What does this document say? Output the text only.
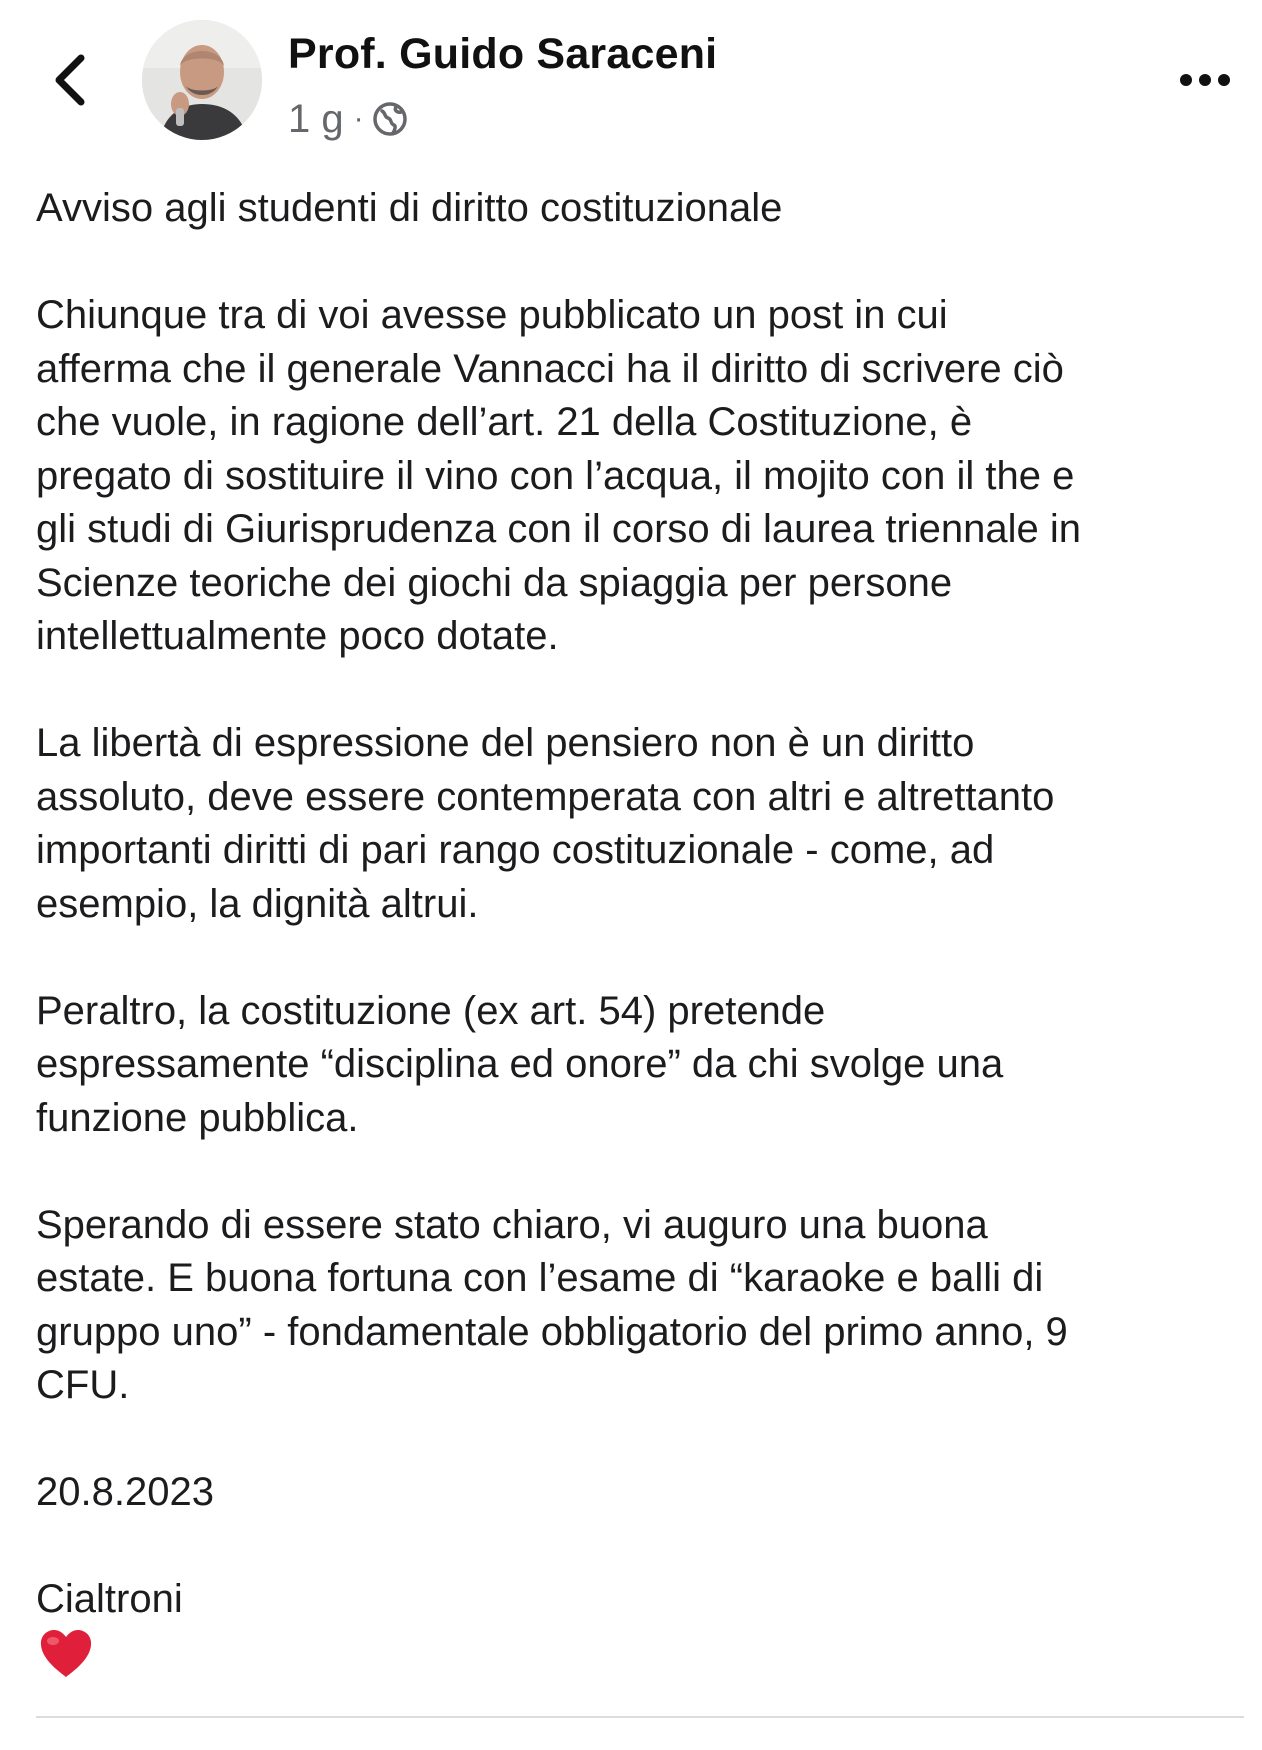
Prof. Guido Saraceni
1 g ·

Avviso agli studenti di diritto costituzionale

Chiunque tra di voi avesse pubblicato un post in cui

afferma che il generale Vannacci ha il diritto di scrivere ciò

che vuole, in ragione dell’art. 21 della Costituzione, è

pregato di sostituire il vino con l’acqua, il mojito con il the e

gli studi di Giurisprudenza con il corso di laurea triennale in

Scienze teoriche dei giochi da spiaggia per persone

intellettualmente poco dotate.

La libertà di espressione del pensiero non è un diritto

assoluto, deve essere contemperata con altri e altrettanto

importanti diritti di pari rango costituzionale - come, ad

esempio, la dignità altrui.

Peraltro, la costituzione (ex art. 54) pretende

espressamente “disciplina ed onore” da chi svolge una

funzione pubblica.

Sperando di essere stato chiaro, vi auguro una buona

estate. E buona fortuna con l’esame di “karaoke e balli di

gruppo uno” - fondamentale obbligatorio del primo anno, 9

CFU.

20.8.2023

Cialtroni
